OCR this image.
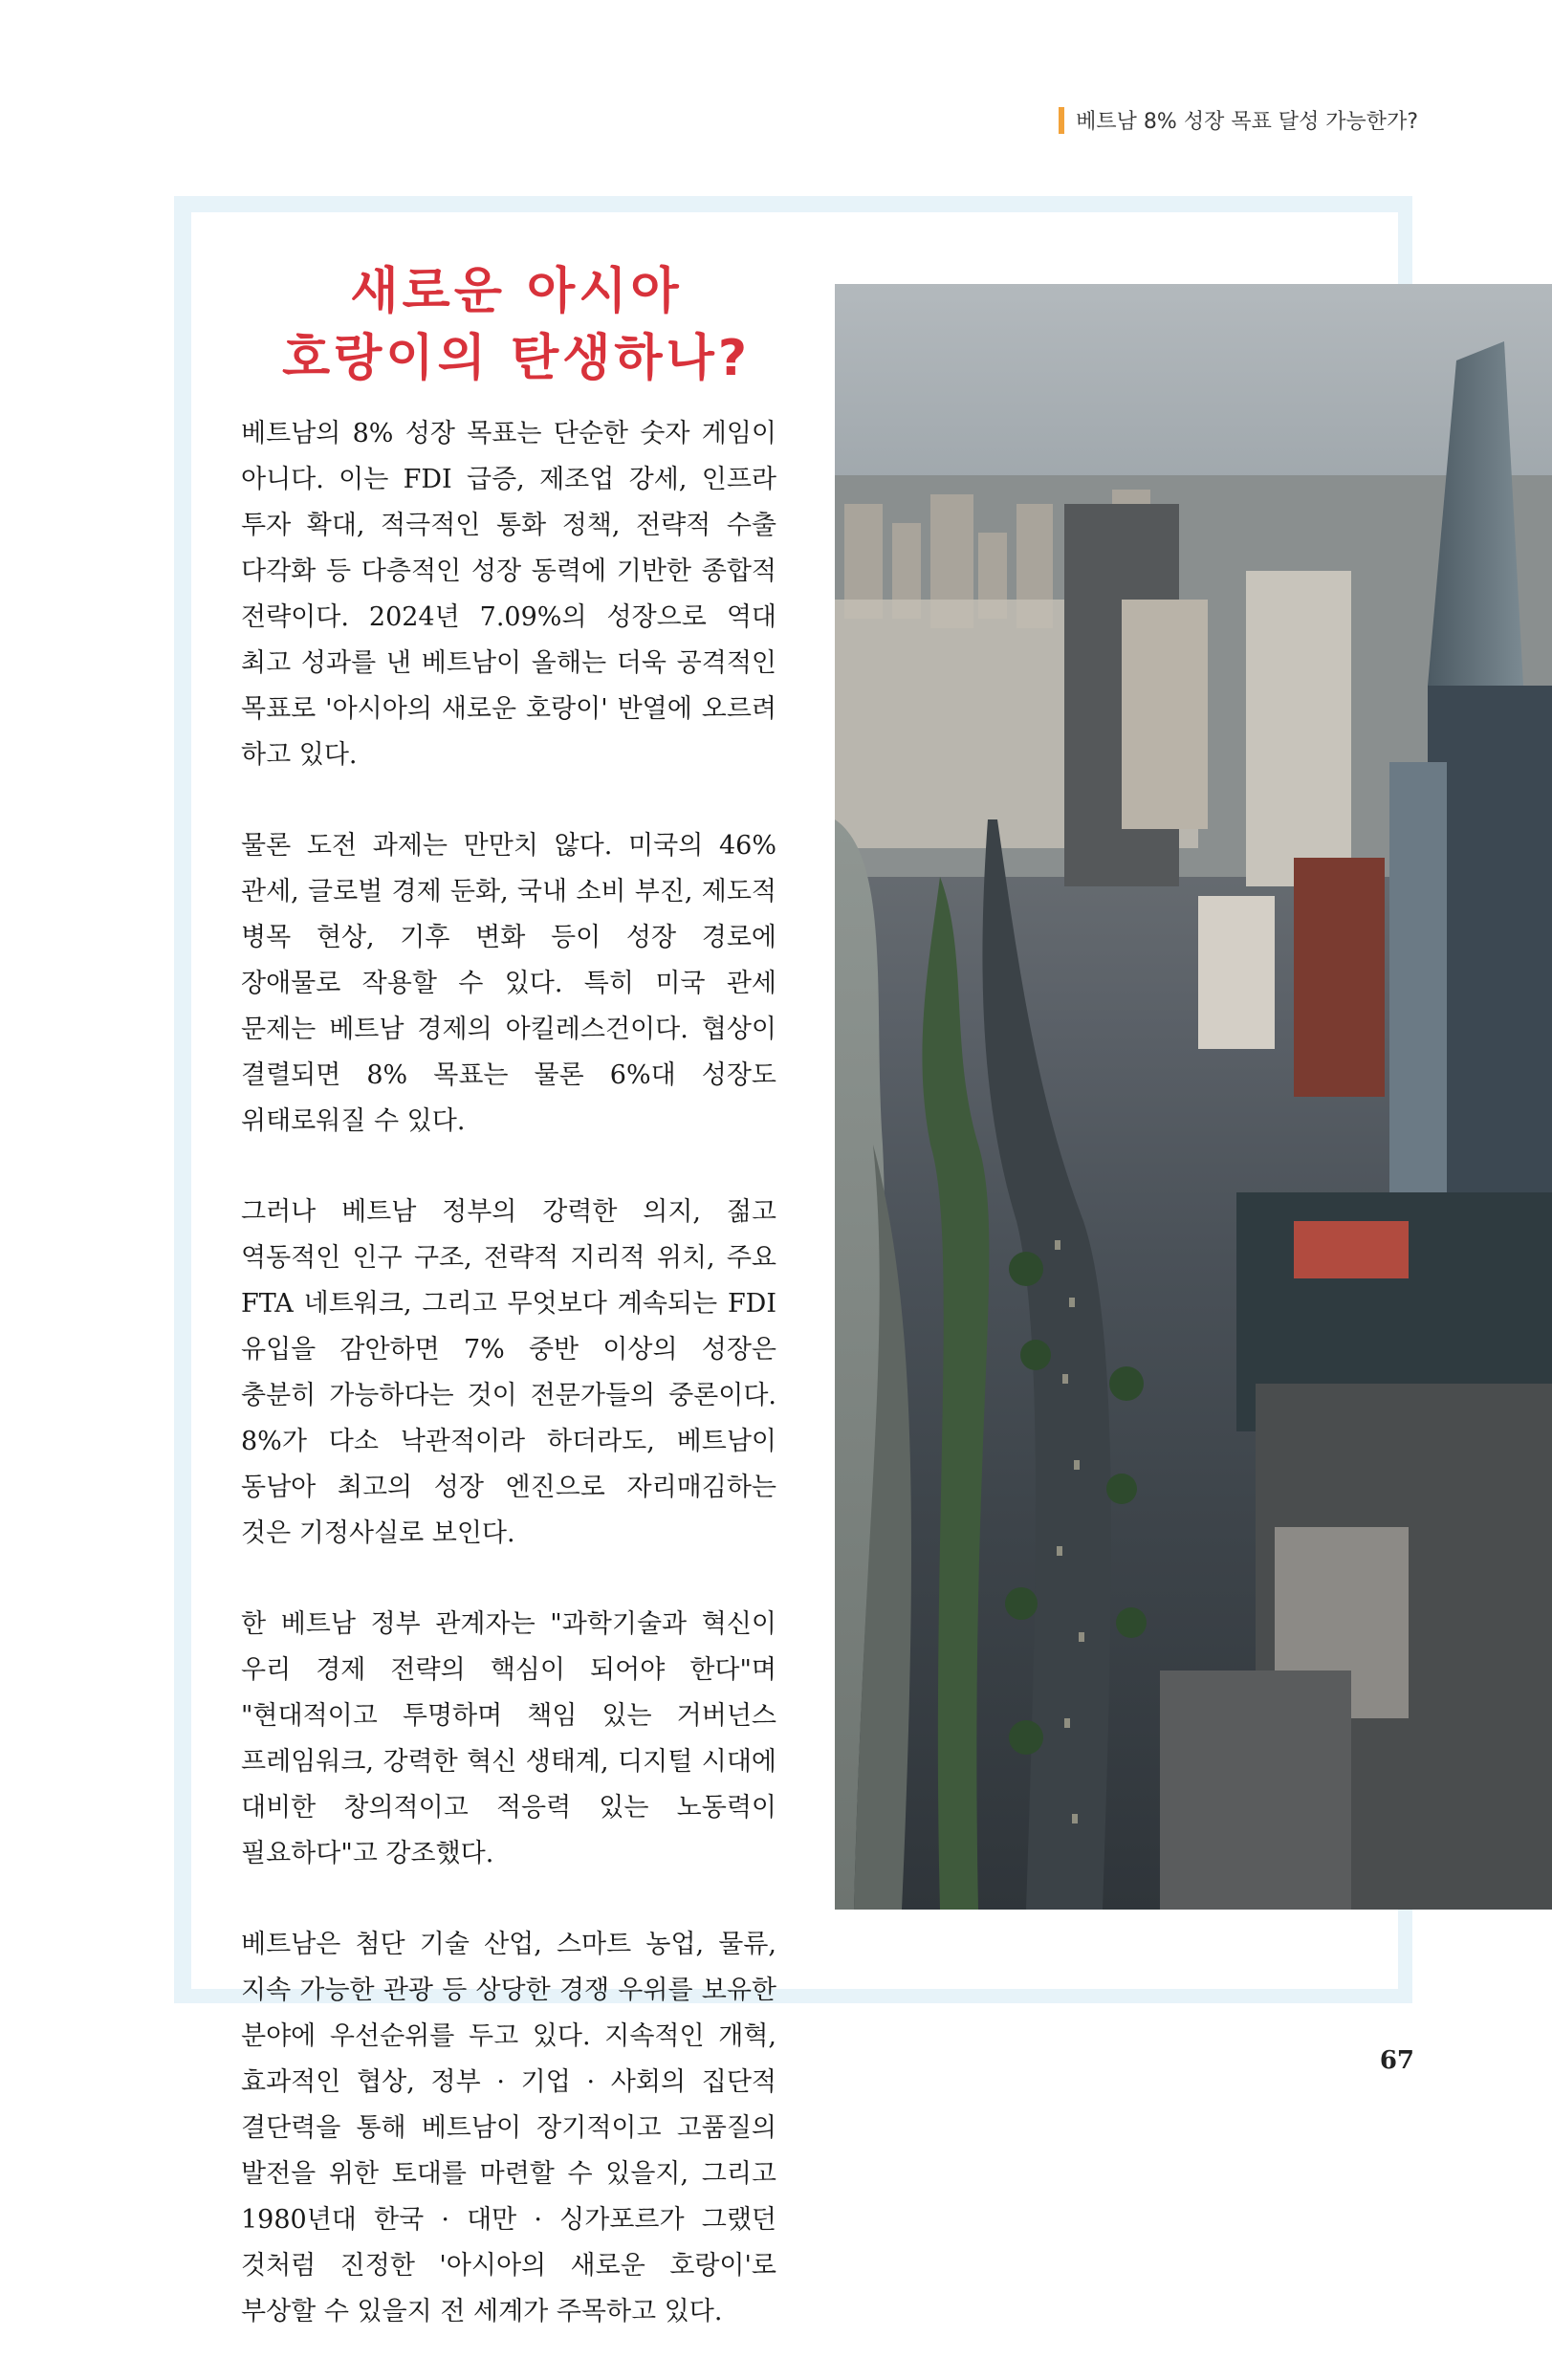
베트남 8% 성장 목표 달성 가능한가?
새로운 아시아
호랑이의 탄생하나?

베트남의 8% 성장 목표는 단순한 숫자 게임이 아니다. 이는 FDI 급증, 제조업 강세, 인프라 투자 확대, 적극적인 통화 정책, 전략적 수출 다각화 등 다층적인 성장 동력에 기반한 종합적 전략이다. 2024년 7.09%의 성장으로 역대 최고 성과를 낸 베트남이 올해는 더욱 공격적인 목표로 '아시아의 새로운 호랑이' 반열에 오르려 하고 있다.

물론 도전 과제는 만만치 않다. 미국의 46% 관세, 글로벌 경제 둔화, 국내 소비 부진, 제도적 병목 현상, 기후 변화 등이 성장 경로에 장애물로 작용할 수 있다. 특히 미국 관세 문제는 베트남 경제의 아킬레스건이다. 협상이 결렬되면 8% 목표는 물론 6%대 성장도 위태로워질 수 있다.

그러나 베트남 정부의 강력한 의지, 젊고 역동적인 인구 구조, 전략적 지리적 위치, 주요 FTA 네트워크, 그리고 무엇보다 계속되는 FDI 유입을 감안하면 7% 중반 이상의 성장은 충분히 가능하다는 것이 전문가들의 중론이다. 8%가 다소 낙관적이라 하더라도, 베트남이 동남아 최고의 성장 엔진으로 자리매김하는 것은 기정사실로 보인다.

한 베트남 정부 관계자는 "과학기술과 혁신이 우리 경제 전략의 핵심이 되어야 한다"며 "현대적이고 투명하며 책임 있는 거버넌스 프레임워크, 강력한 혁신 생태계, 디지털 시대에 대비한 창의적이고 적응력 있는 노동력이 필요하다"고 강조했다.

베트남은 첨단 기술 산업, 스마트 농업, 물류, 지속 가능한 관광 등 상당한 경쟁 우위를 보유한 분야에 우선순위를 두고 있다. 지속적인 개혁, 효과적인 협상, 정부 · 기업 · 사회의 집단적 결단력을 통해 베트남이 장기적이고 고품질의 발전을 위한 토대를 마련할 수 있을지, 그리고 1980년대 한국 · 대만 · 싱가포르가 그랬던 것처럼 진정한 '아시아의 새로운 호랑이'로 부상할 수 있을지 전 세계가 주목하고 있다.

67
